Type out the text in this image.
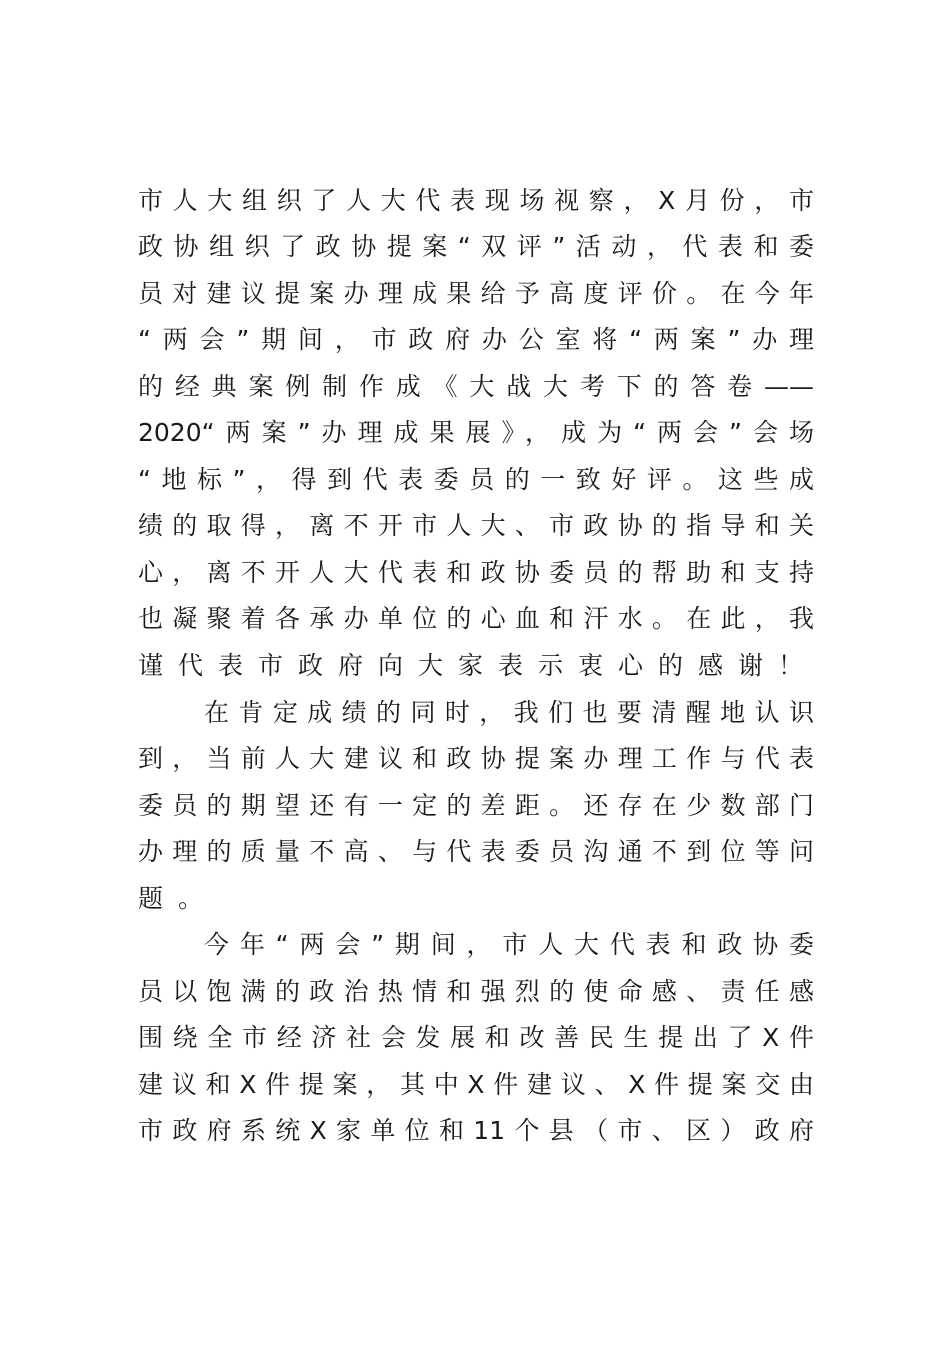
市人大组织了人大代表现场视察，X月份，市

政协组织了政协提案“双评”活动，代表和委

员对建议提案办理成果给予高度评价。在今年

“两会”期间，市政府办公室将“两案”办理

的经典案例制作成《大战大考下的答卷——

2020“两案”办理成果展》，成为“两会”会场

“地标”，得到代表委员的一致好评。这些成

绩的取得，离不开市人大、市政协的指导和关

心，离不开人大代表和政协委员的帮助和支持

也凝聚着各承办单位的心血和汗水。在此，我

谨代表市政府向大家表示衷心的感谢！

在肯定成绩的同时，我们也要清醒地认识

到，当前人大建议和政协提案办理工作与代表

委员的期望还有一定的差距。还存在少数部门

办理的质量不高、与代表委员沟通不到位等问

题。

今年“两会”期间，市人大代表和政协委

员以饱满的政治热情和强烈的使命感、责任感

围绕全市经济社会发展和改善民生提出了X件

建议和X件提案，其中X件建议、X件提案交由

市政府系统X家单位和11个县（市、区）政府
